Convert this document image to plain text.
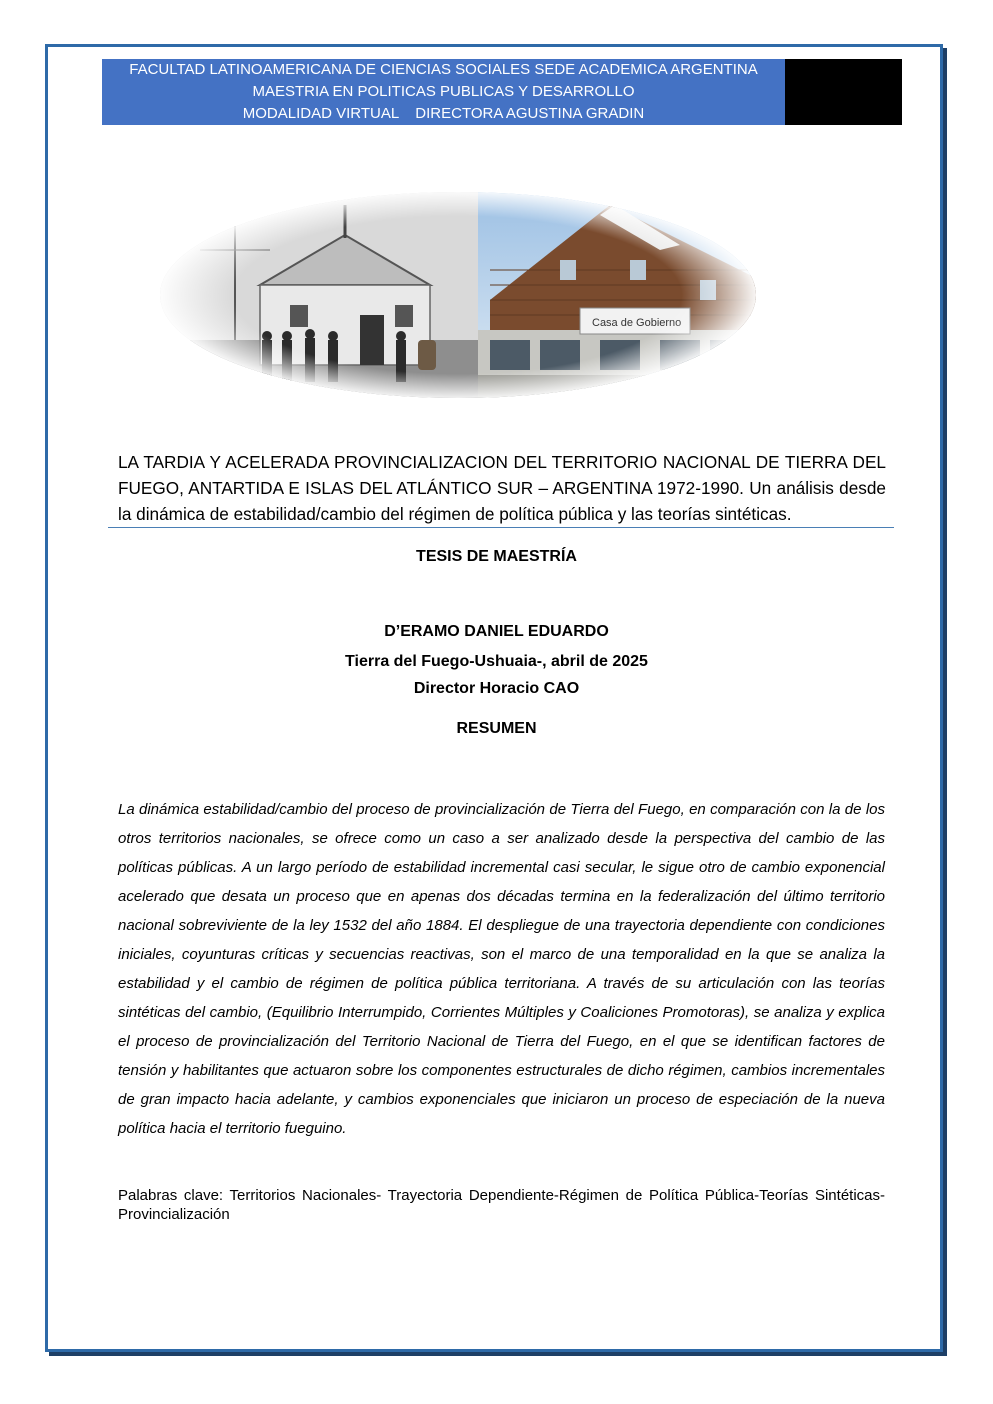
FACULTAD LATINOAMERICANA DE CIENCIAS SOCIALES SEDE ACADEMICA ARGENTINA
MAESTRIA EN POLITICAS PUBLICAS Y DESARROLLO
MODALIDAD VIRTUAL    DIRECTORA AGUSTINA GRADIN
LA TARDIA Y ACELERADA PROVINCIALIZACION DEL TERRITORIO NACIONAL DE TIERRA DEL FUEGO, ANTARTIDA E ISLAS DEL ATLÁNTICO SUR – ARGENTINA 1972-1990. Un análisis desde la dinámica de estabilidad/cambio del régimen de política pública y las teorías sintéticas.
TESIS DE MAESTRÍA
D’ERAMO DANIEL EDUARDO
Tierra del Fuego-Ushuaia-, abril de 2025
Director Horacio CAO
RESUMEN
La dinámica estabilidad/cambio del proceso de provincialización de Tierra del Fuego, en comparación con la de los otros territorios nacionales, se ofrece como un caso a ser analizado desde la perspectiva del cambio de las políticas públicas. A un largo período de estabilidad incremental casi secular, le sigue otro de cambio exponencial acelerado que desata un proceso que en apenas dos décadas termina en la federalización del último territorio nacional sobreviviente de la ley 1532 del año 1884. El despliegue de una trayectoria dependiente con condiciones iniciales, coyunturas críticas y secuencias reactivas, son el marco de una temporalidad en la que se analiza la estabilidad y el cambio de régimen de política pública territoriana. A través de su articulación con las teorías sintéticas del cambio, (Equilibrio Interrumpido, Corrientes Múltiples y Coaliciones Promotoras), se analiza y explica el proceso de provincialización del Territorio Nacional de Tierra del Fuego, en el que se identifican factores de tensión y habilitantes que actuaron sobre los componentes estructurales de dicho régimen, cambios incrementales de gran impacto hacia adelante, y cambios exponenciales que iniciaron un proceso de especiación de la nueva política hacia el territorio fueguino.
Palabras clave: Territorios Nacionales- Trayectoria Dependiente-Régimen de Política Pública-Teorías Sintéticas-Provincialización
